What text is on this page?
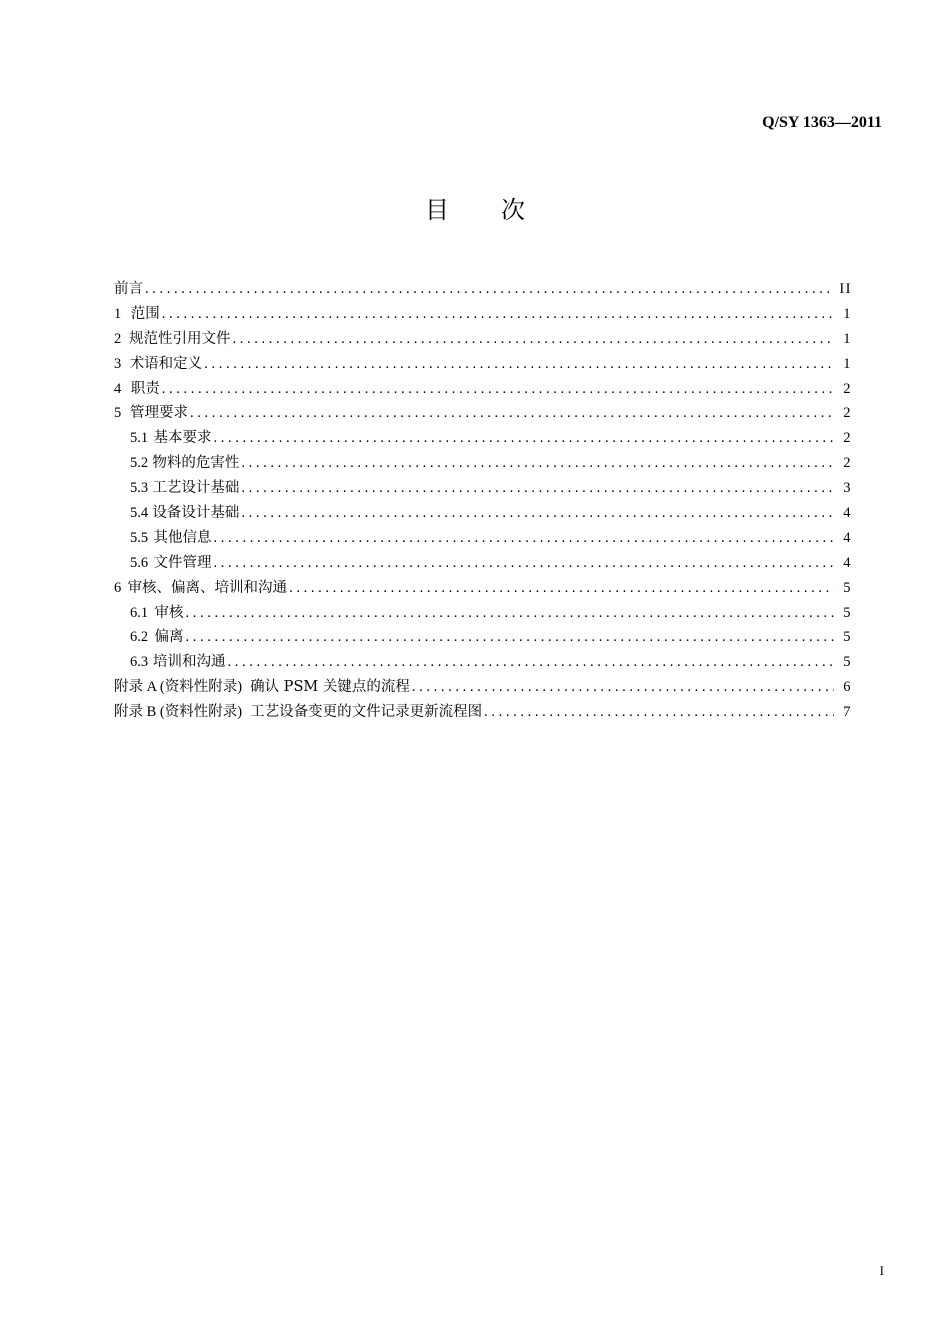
Q/SY 1363—2011
目 次
前言 . . .	II
1 范围 . . .	1
2 规范性引用文件 . . .	1
3 术语和定义 . . .	1
4 职责 . . .	2
5 管理要求 . . .	2
5.1 基本要求 . . .	2
5.2 物料的危害性 . . .	2
5.3 工艺设计基础 . . .	3
5.4 设备设计基础 . . .	4
5.5 其他信息 . . .	4
5.6 文件管理 . . .	4
6 审核、偏离、培训和沟通 . . .	5
6.1 审核 . . .	5
6.2 偏离 . . .	5
6.3 培训和沟通 . . .	5
附录 A (资料性附录) 确认 PSM 关键点的流程 . . .	6
附录 B (资料性附录) 工艺设备变更的文件记录更新流程图 . . .	7
I
